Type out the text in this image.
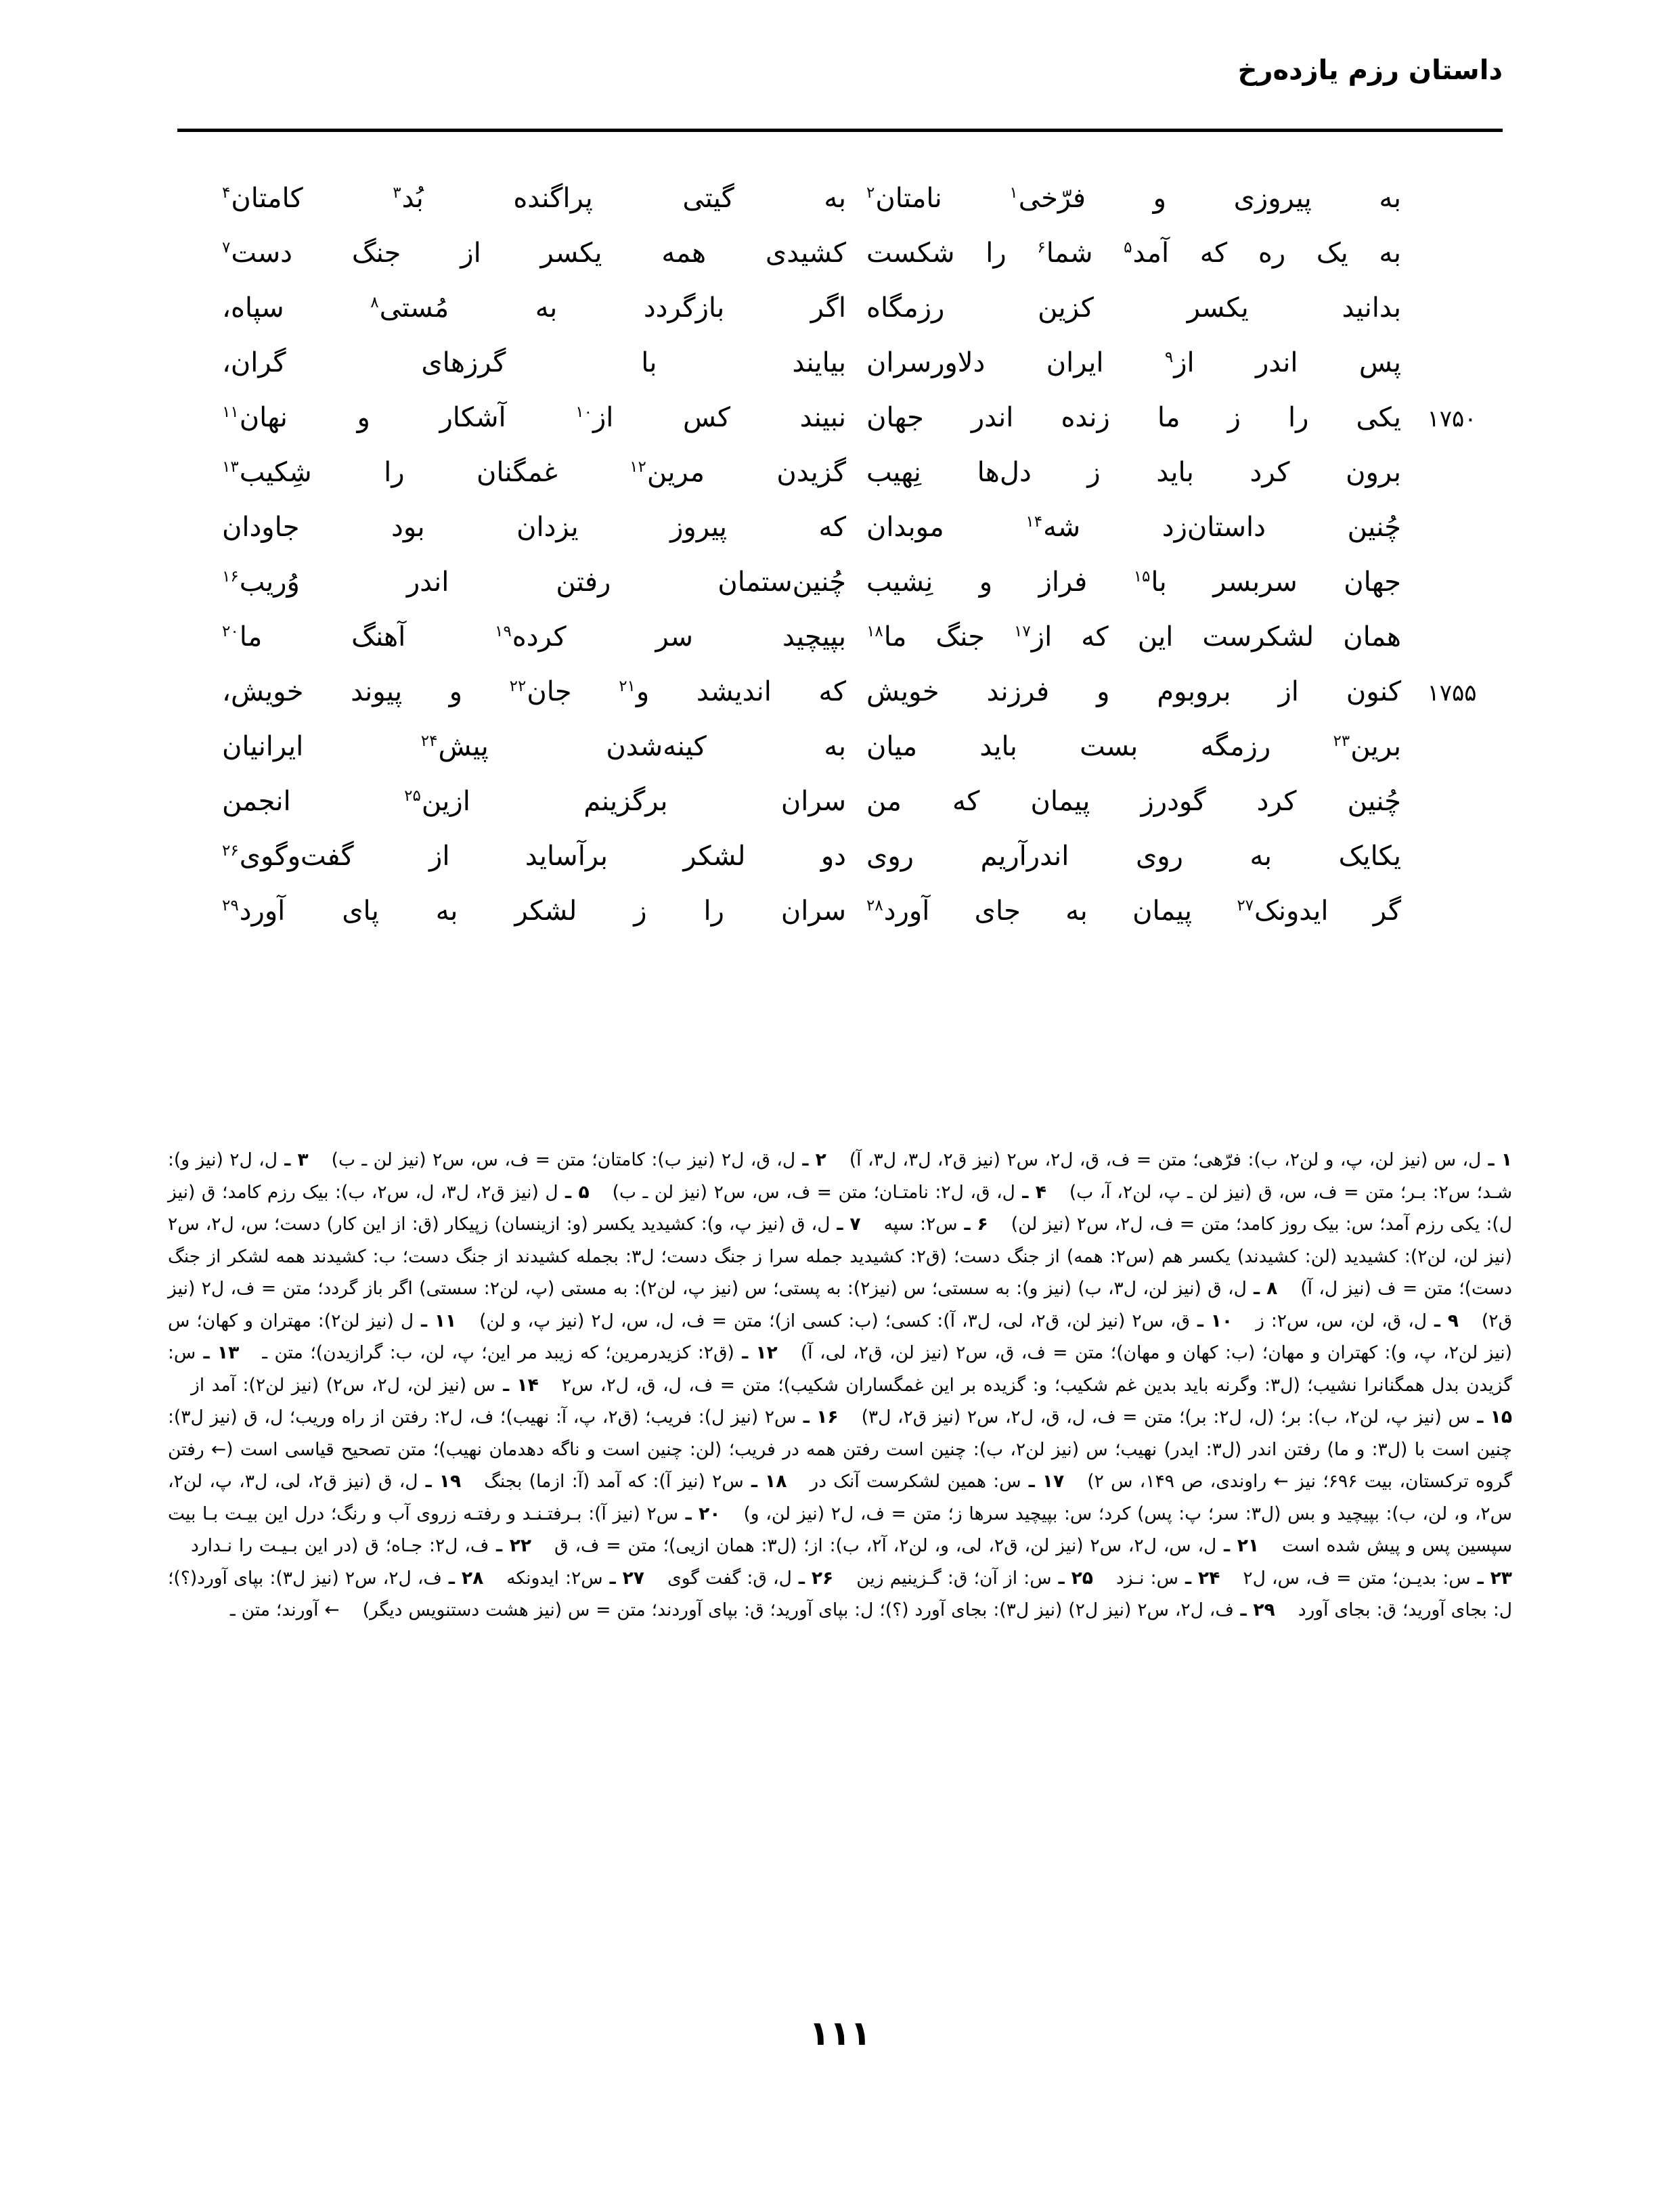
داستان رزم یازده‌رخ
به
پیروزی
و
فرّخی$^۱$
نامتان$^۲$
به
گیتی
پراگنده
بُد$^۳$
کامتان$^۴$
به
یک
ره
که
آمد$^۵$
شما$^۶$
را
شکست
کشیدی
همه
یکسر
از
جنگ
دست$^۷$
بدانید
یکسر
کزین
رزمگاه
اگر
بازگردد
به
مُستی$^۸$
سپاه،
پس
اندر
از$^۹$
ایران
دلاورسران
بیایند
با
گرزهای
گران،
۱۷۵۰
یکی
را
ز
ما
زنده
اندر
جهان
نبیند
کس
از$^{۱۰}$
آشکار
و
نهان$^{۱۱}$
برون
کرد
باید
ز
دل‌ها
نِهیب
گزیدن
مرین$^{۱۲}$
غمگنان
را
شِکیب$^{۱۳}$
چُنین
داستان‌زد
شه$^{۱۴}$
موبدان
که
پیروز
یزدان
بود
جاودان
جهان
سربسر
با$^{۱۵}$
فراز
و
نِشیب
چُنین‌ستمان
رفتن
اندر
وُریب$^{۱۶}$
همان
لشکرست
این
که
از$^{۱۷}$
جنگ
ما$^{۱۸}$
بپیچید
سر
کرده$^{۱۹}$
آهنگ
ما$^{۲۰}$
۱۷۵۵
کنون
از
بروبوم
و
فرزند
خویش
که
اندیشد
و$^{۲۱}$
جان$^{۲۲}$
و
پیوند
خویش،
برین$^{۲۳}$
رزمگه
بست
باید
میان
به
کینه‌شدن
پیش$^{۲۴}$
ایرانیان
چُنین
کرد
گودرز
پیمان
که
من
سران
برگزینم
ازین$^{۲۵}$
انجمن
یکایک
به
روی
اندرآریم
روی
دو
لشکر
برآساید
از
گفت‌وگوی$^{۲۶}$
گر
ایدونک$^{۲۷}$
پیمان
به
جای
آورد$^{۲۸}$
سران
را
ز
لشکر
به
پای
آورد$^{۲۹}$
۱ ـ ل، س (نیز لن، پ، و لن۲، ب): فرّهی؛ متن = ف، ق، ل۲، س۲ (نیز ق۲، ل۳، ل۳، آ)۲ ـ ل، ق، ل۲ (نیز ب): کامتان؛ متن = ف، س، س۲ (نیز لن ـ ب)۳ ـ ل، ل۲ (نیز و): شـد؛ س۲: بـر؛ متن = ف، س، ق (نیز لن ـ پ، لن۲، آ، ب)۴ ـ ل، ق، ل۲: نامتـان؛ متن = ف، س، س۲ (نیز لن ـ ب)۵ ـ ل (نیز ق۲، ل۳، ل، س۲، ب): بیک رزم کامد؛ ق (نیز ل): یکی رزم آمد؛ س: بیک روز کامد؛ متن = ف، ل۲، س۲ (نیز لن)۶ ـ س۲: سپه۷ ـ ل، ق (نیز پ، و): کشیدید یکسر (و: ازینسان) زپیکار (ق: از این کار) دست؛ س، ل۲، س۲ (نیز لن، لن۲): کشیدید (لن: کشیدند) یکسر هم (س۲: همه) از جنگ دست؛ (ق۲: کشیدید جمله سرا ز جنگ دست؛ ل۳: بجمله کشیدند از جنگ دست؛ ب: کشیدند همه لشکر از جنگ دست)؛ متن = ف (نیز ل، آ)۸ ـ ل، ق (نیز لن، ل۳، ب) (نیز و): به سستی؛ س (نیز۲): به پستی؛ س (نیز پ، لن۲): به مستی (پ، لن۲: سستی) اگر باز گردد؛ متن = ف، ل۲ (نیز ق۲)۹ ـ ل، ق، لن، س، س۲: ز۱۰ ـ ق، س۲ (نیز لن، ق۲، لی، ل۳، آ): کسی؛ (ب: کسی از)؛ متن = ف، ل، س، ل۲ (نیز پ، و لن)۱۱ ـ ل (نیز لن۲): مهتران و کهان؛ س (نیز لن۲، پ، و): کهتران و مهان؛ (ب: کهان و مهان)؛ متن = ف، ق، س۲ (نیز لن، ق۲، لی، آ)۱۲ ـ (ق۲: کزیدرمرین؛ که زیبد مر این؛ پ، لن، ب: گرازیدن)؛ متن ـ۱۳ ـ س: گزیدن بدل همگنانرا نشیب؛ (ل۳: وگرنه باید بدین غم شکیب؛ و: گزیده بر این غمگساران شکیب)؛ متن = ف، ل، ق، ل۲، س۲۱۴ ـ س (نیز لن، ل۲، س۲) (نیز لن۲): آمد از۱۵ ـ س (نیز پ، لن۲، ب): بر؛ (ل، ل۲: بر)؛ متن = ف، ل، ق، ل۲، س۲ (نیز ق۲، ل۳)۱۶ ـ س۲ (نیز ل): فریب؛ (ق۲، پ، آ: نهیب)؛ ف، ل۲: رفتن از راه وریب؛ ل، ق (نیز ل۳): چنین است با (ل۳: و ما) رفتن اندر (ل۳: ایدر) نهیب؛ س (نیز لن۲، ب): چنین است رفتن همه در فریب؛ (لن: چنین است و ناگه دهدمان نهیب)؛ متن تصحیح قیاسی است (← رفتن گروه ترکستان، بیت ۶۹۶؛ نیز ← راوندی، ص ۱۴۹، س ۲)۱۷ ـ س: همین لشکرست آنک در۱۸ ـ س۲ (نیز آ): که آمد (آ: ازما) بجنگ۱۹ ـ ل، ق (نیز ق۲، لی، ل۳، پ، لن۲، س۲، و، لن، ب): بپیچید و بس (ل۳: سر؛ پ: پس) کرد؛ س: بپیچید سرها ز؛ متن = ف، ل۲ (نیز لن، و)۲۰ ـ س۲ (نیز آ): بـرفتـنـد و رفتـه زروی آب و رنگ؛ درل این بیـت بـا بیت سپسین پس و پیش شده است۲۱ ـ ل، س، ل۲، س۲ (نیز لن، ق۲، لی، و، لن۲، آ۲، ب): از؛ (ل۳: همان ازیی)؛ متن = ف، ق۲۲ ـ ف، ل۲: جـاه؛ ق (در این بـیـت را نـدارد۲۳ ـ س: بدیـن؛ متن = ف، س، ل۲۲۴ ـ س: نـزد۲۵ ـ س: از آن؛ ق: گـزینیم زین۲۶ ـ ل، ق: گفت گوی۲۷ ـ س۲: ایدونکه۲۸ ـ ف، ل۲، س۲ (نیز ل۳): بپای آورد(؟)؛ ل: بجای آورید؛ ق: بجای آورد۲۹ ـ ف، ل۲، س۲ (نیز ل۲) (نیز ل۳): بجای آورد (؟)؛ ل: بپای آورید؛ ق: بپای آوردند؛ متن = س (نیز هشت دستنویس دیگر)← آورند؛ متن ـ
۱۱۱
